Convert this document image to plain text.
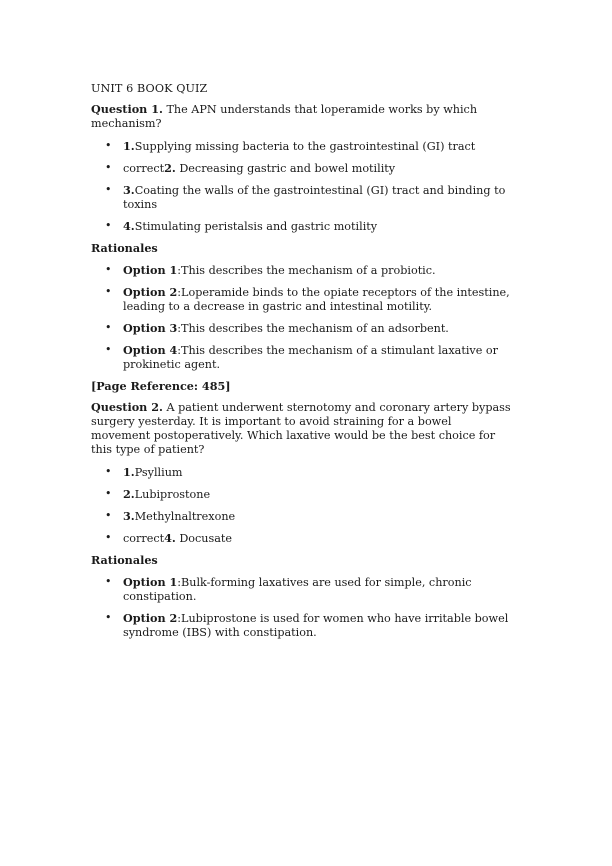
UNIT 6 BOOK QUIZ

Question 1. The APN understands that loperamide works by which mechanism?

• 1.Supplying missing bacteria to the gastrointestinal (GI) tract
• correct2. Decreasing gastric and bowel motility
• 3.Coating the walls of the gastrointestinal (GI) tract and binding to toxins
• 4.Stimulating peristalsis and gastric motility

Rationales

• Option 1:This describes the mechanism of a probiotic.
• Option 2:Loperamide binds to the opiate receptors of the intestine, leading to a decrease in gastric and intestinal motility.
• Option 3:This describes the mechanism of an adsorbent.
• Option 4:This describes the mechanism of a stimulant laxative or prokinetic agent.

[Page Reference: 485]

Question 2. A patient underwent sternotomy and coronary artery bypass surgery yesterday. It is important to avoid straining for a bowel movement postoperatively. Which laxative would be the best choice for this type of patient?

• 1.Psyllium
• 2.Lubiprostone
• 3.Methylnaltrexone
• correct4. Docusate

Rationales

• Option 1:Bulk-forming laxatives are used for simple, chronic constipation.
• Option 2:Lubiprostone is used for women who have irritable bowel syndrome (IBS) with constipation.
